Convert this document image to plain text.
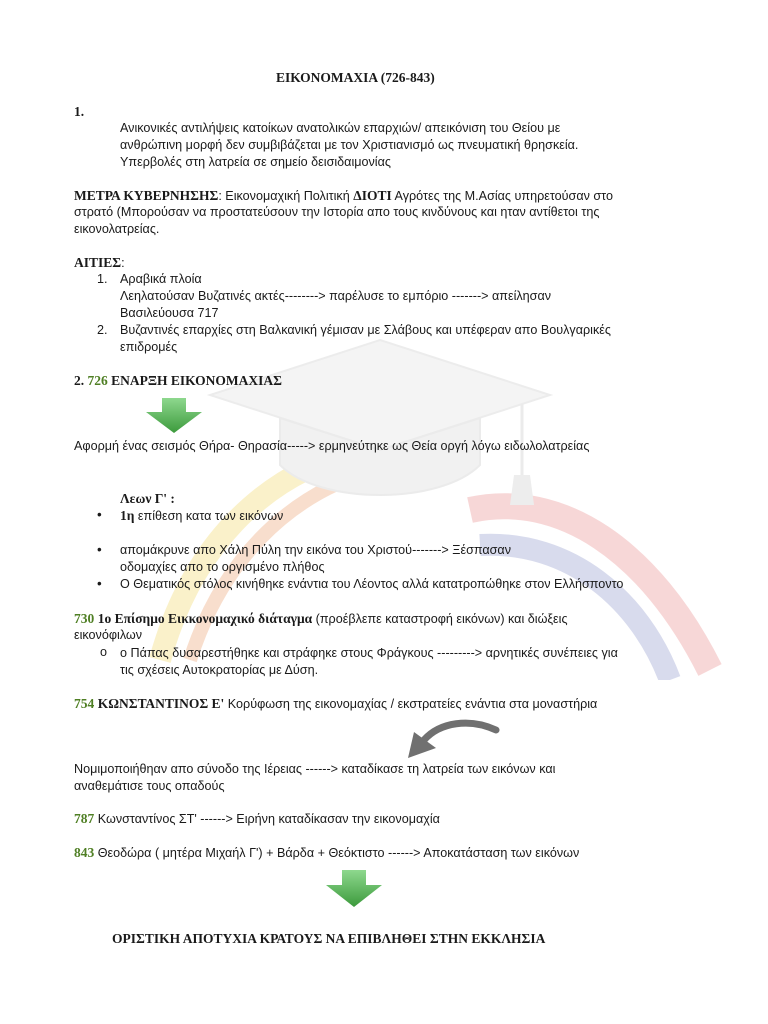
ΕΙΚΟΝΟΜΑΧΙΑ (726-843)
1.
Ανικονικές αντιλήψεις κατοίκων ανατολικών επαρχιών/ απεικόνιση του Θείου με
ανθρώπινη μορφή δεν συμβιβάζεται με τον Χριστιανισμό ως πνευματική θρησκεία.
Υπερβολές στη λατρεία σε σημείο δεισιδαιμονίας
ΜΕΤΡΑ ΚΥΒΕΡΝΗΣΗΣ: Εικονομαχική Πολιτική ΔΙΟΤΙ Αγρότες της Μ.Ασίας υπηρετούσαν στο
στρατό (Μπορούσαν να προστατεύσουν την Ιστορία απο τους κινδύνους και ηταν αντίθετοι της
εικονολατρείας.
ΑΙΤΙΕΣ:
1. Αραβικά πλοία
Λεηλατούσαν Βυζατινές ακτές--------> παρέλυσε το εμπόριο -------> απείλησαν
Βασιλεύουσα 717
2. Βυζαντινές επαρχίες στη Βαλκανική γέμισαν με Σλάβους και υπέφεραν απο Βουλγαρικές
επιδρομές
2. 726 ΕΝΑΡΞΗ ΕΙΚΟΝΟΜΑΧΙΑΣ
Αφορμή ένας σεισμός Θήρα- Θηρασία-----> ερμηνεύτηκε ως Θεία οργή λόγω ειδωλολατρείας
Λεων Γ' :
• 1η επίθεση κατα των εικόνων
• απομάκρυνε απο Χάλη Πύλη την εικόνα του Χριστού-------> Ξέσπασαν
οδομαχίες απο το οργισμένο πλήθος
• Ο Θεματικός στόλος κινήθηκε ενάντια του Λέοντος αλλά κατατροπώθηκε στον Ελλήσποντο
730 1ο Επίσημο Εικκονομαχικό διάταγμα (προέβλεπε καταστροφή εικόνων) και διώξεις
εικονόφιλων
o ο Πάπας δυσαρεστήθηκε και στράφηκε στους Φράγκους ---------> αρνητικές συνέπειες για
τις σχέσεις Αυτοκρατορίας με Δύση.
754 ΚΩΝΣΤΑΝΤΙΝΟΣ Ε' Κορύφωση της εικονομαχίας / εκστρατείες ενάντια στα μοναστήρια
Νομιμοποιήθηαν απο σύνοδο της Ιέρειας ------> καταδίκασε τη λατρεία των εικόνων και
αναθεμάτισε τους οπαδούς
787 Κωνσταντίνος ΣΤ' ------> Ειρήνη καταδίκασαν την εικονομαχία
843 Θεοδώρα ( μητέρα Μιχαήλ Γ') + Βάρδα + Θεόκτιστο ------> Αποκατάσταση των εικόνων
ΟΡΙΣΤΙΚΗ ΑΠΟΤΥΧΙΑ ΚΡΑΤΟΥΣ ΝΑ ΕΠΙΒΛΗΘΕΙ ΣΤΗΝ ΕΚΚΛΗΣΙΑ
